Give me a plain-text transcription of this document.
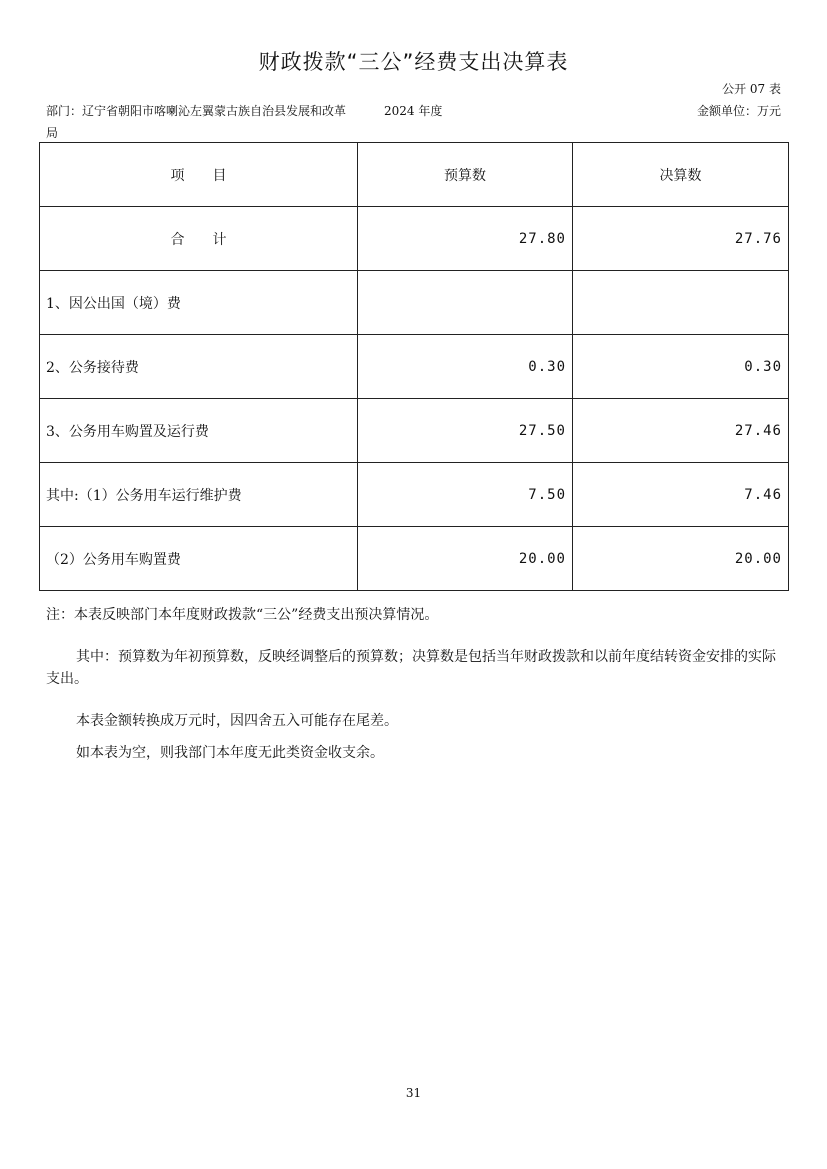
财政拨款“三公”经费支出决算表
公开 07 表
部门：辽宁省朝阳市喀喇沁左翼蒙古族自治县发展和改革局
2024 年度	金额单位：万元
项　　目	预算数	决算数
合　　计	27.80	27.76
1、因公出国（境）费		
2、公务接待费	0.30	0.30
3、公务用车购置及运行费	27.50	27.46
其中:（1）公务用车运行维护费	7.50	7.46
（2）公务用车购置费	20.00	20.00

注：本表反映部门本年度财政拨款“三公”经费支出预决算情况。

其中：预算数为年初预算数，反映经调整后的预算数；决算数是包括当年财政拨款和以前年度结转资金安排的实际支出。

本表金额转换成万元时，因四舍五入可能存在尾差。

如本表为空，则我部门本年度无此类资金收支余。

31
